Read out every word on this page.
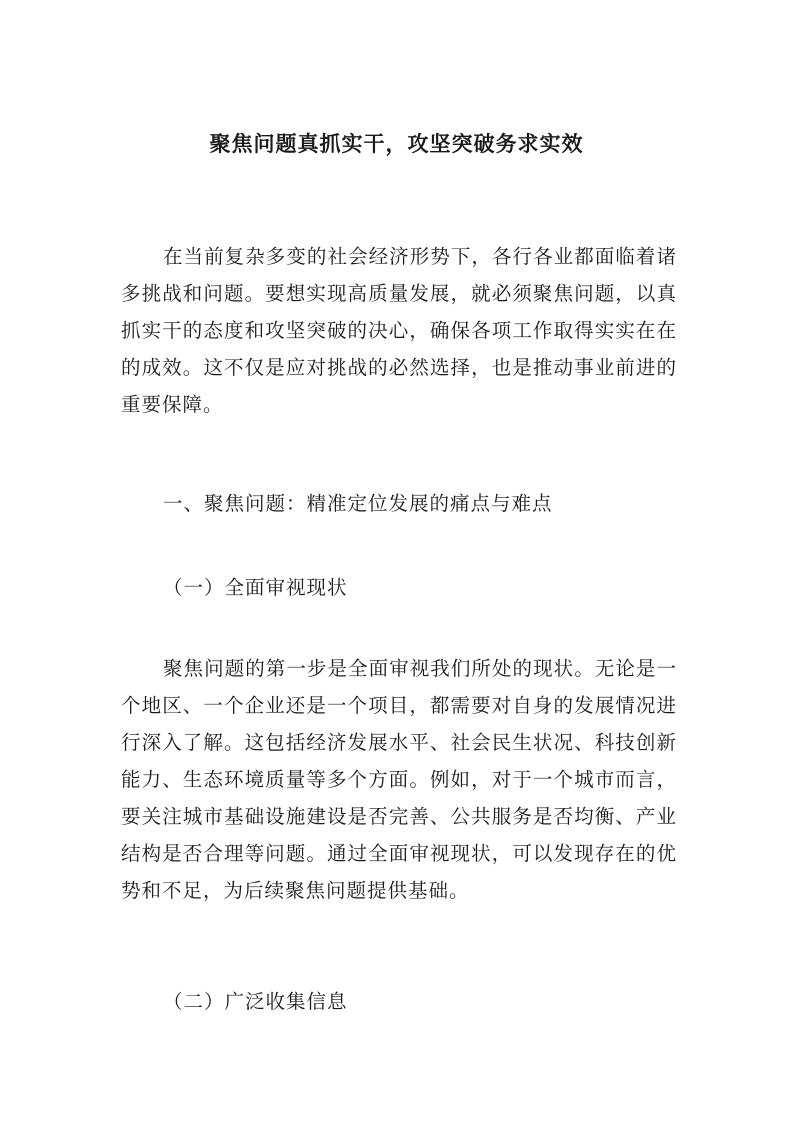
聚焦问题真抓实干，攻坚突破务求实效

在当前复杂多变的社会经济形势下，各行各业都面临着诸多挑战和问题。要想实现高质量发展，就必须聚焦问题，以真抓实干的态度和攻坚突破的决心，确保各项工作取得实实在在的成效。这不仅是应对挑战的必然选择，也是推动事业前进的重要保障。

一、聚焦问题：精准定位发展的痛点与难点
（一）全面审视现状

聚焦问题的第一步是全面审视我们所处的现状。无论是一个地区、一个企业还是一个项目，都需要对自身的发展情况进行深入了解。这包括经济发展水平、社会民生状况、科技创新能力、生态环境质量等多个方面。例如，对于一个城市而言，要关注城市基础设施建设是否完善、公共服务是否均衡、产业结构是否合理等问题。通过全面审视现状，可以发现存在的优势和不足，为后续聚焦问题提供基础。

（二）广泛收集信息
